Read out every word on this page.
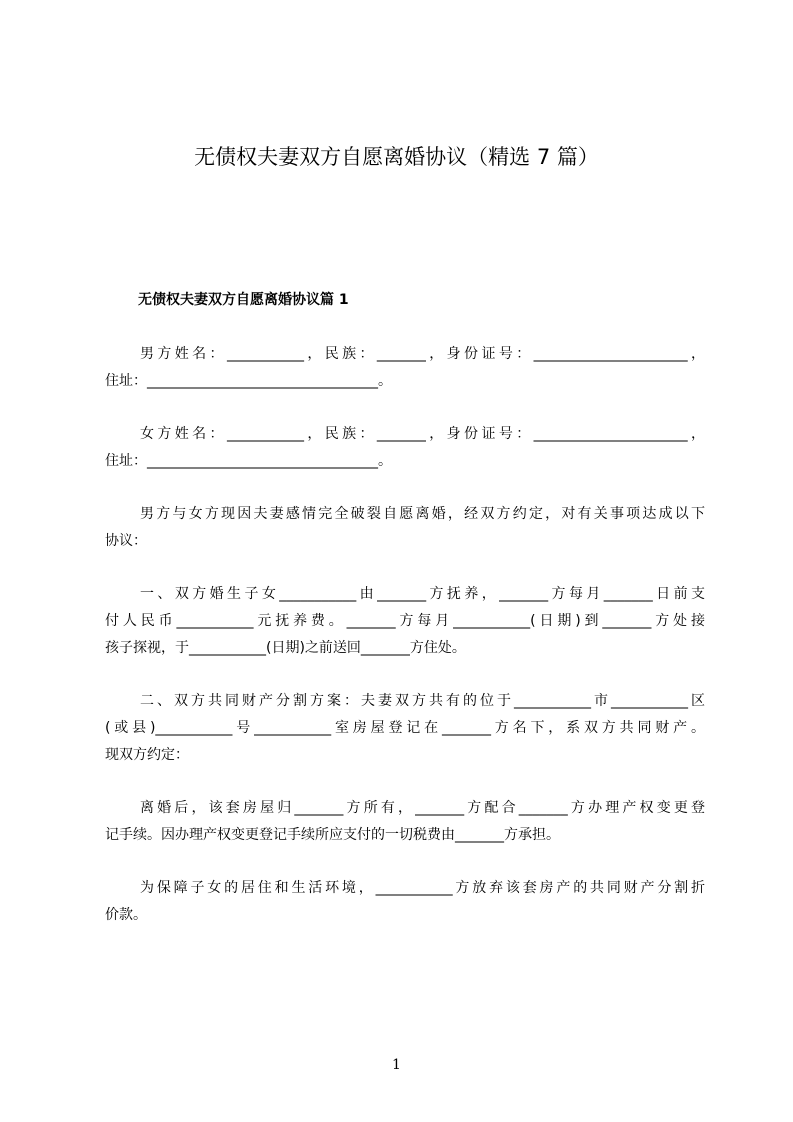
无债权夫妻双方自愿离婚协议（精选 7 篇）
无债权夫妻双方自愿离婚协议篇 1

男方姓名：___________，民族：_______，身份证号：______________________，

住址：_________________________________。

女方姓名：___________，民族：_______，身份证号：______________________，

住址：_________________________________。

男方与女方现因夫妻感情完全破裂自愿离婚，经双方约定，对有关事项达成以下

协议：

一、双方婚生子女___________由_______方抚养，_______方每月_______日前支

付人民币___________元抚养费。_______方每月___________(日期)到_______方处接

孩子探视，于___________(日期)之前送回_______方住处。

二、双方共同财产分割方案：夫妻双方共有的位于___________市___________区

(或县)___________号___________室房屋登记在_______方名下，系双方共同财产。

现双方约定：

离婚后，该套房屋归_______方所有，_______方配合_______方办理产权变更登

记手续。因办理产权变更登记手续所应支付的一切税费由_______方承担。

为保障子女的居住和生活环境，___________方放弃该套房产的共同财产分割折

价款。

1
